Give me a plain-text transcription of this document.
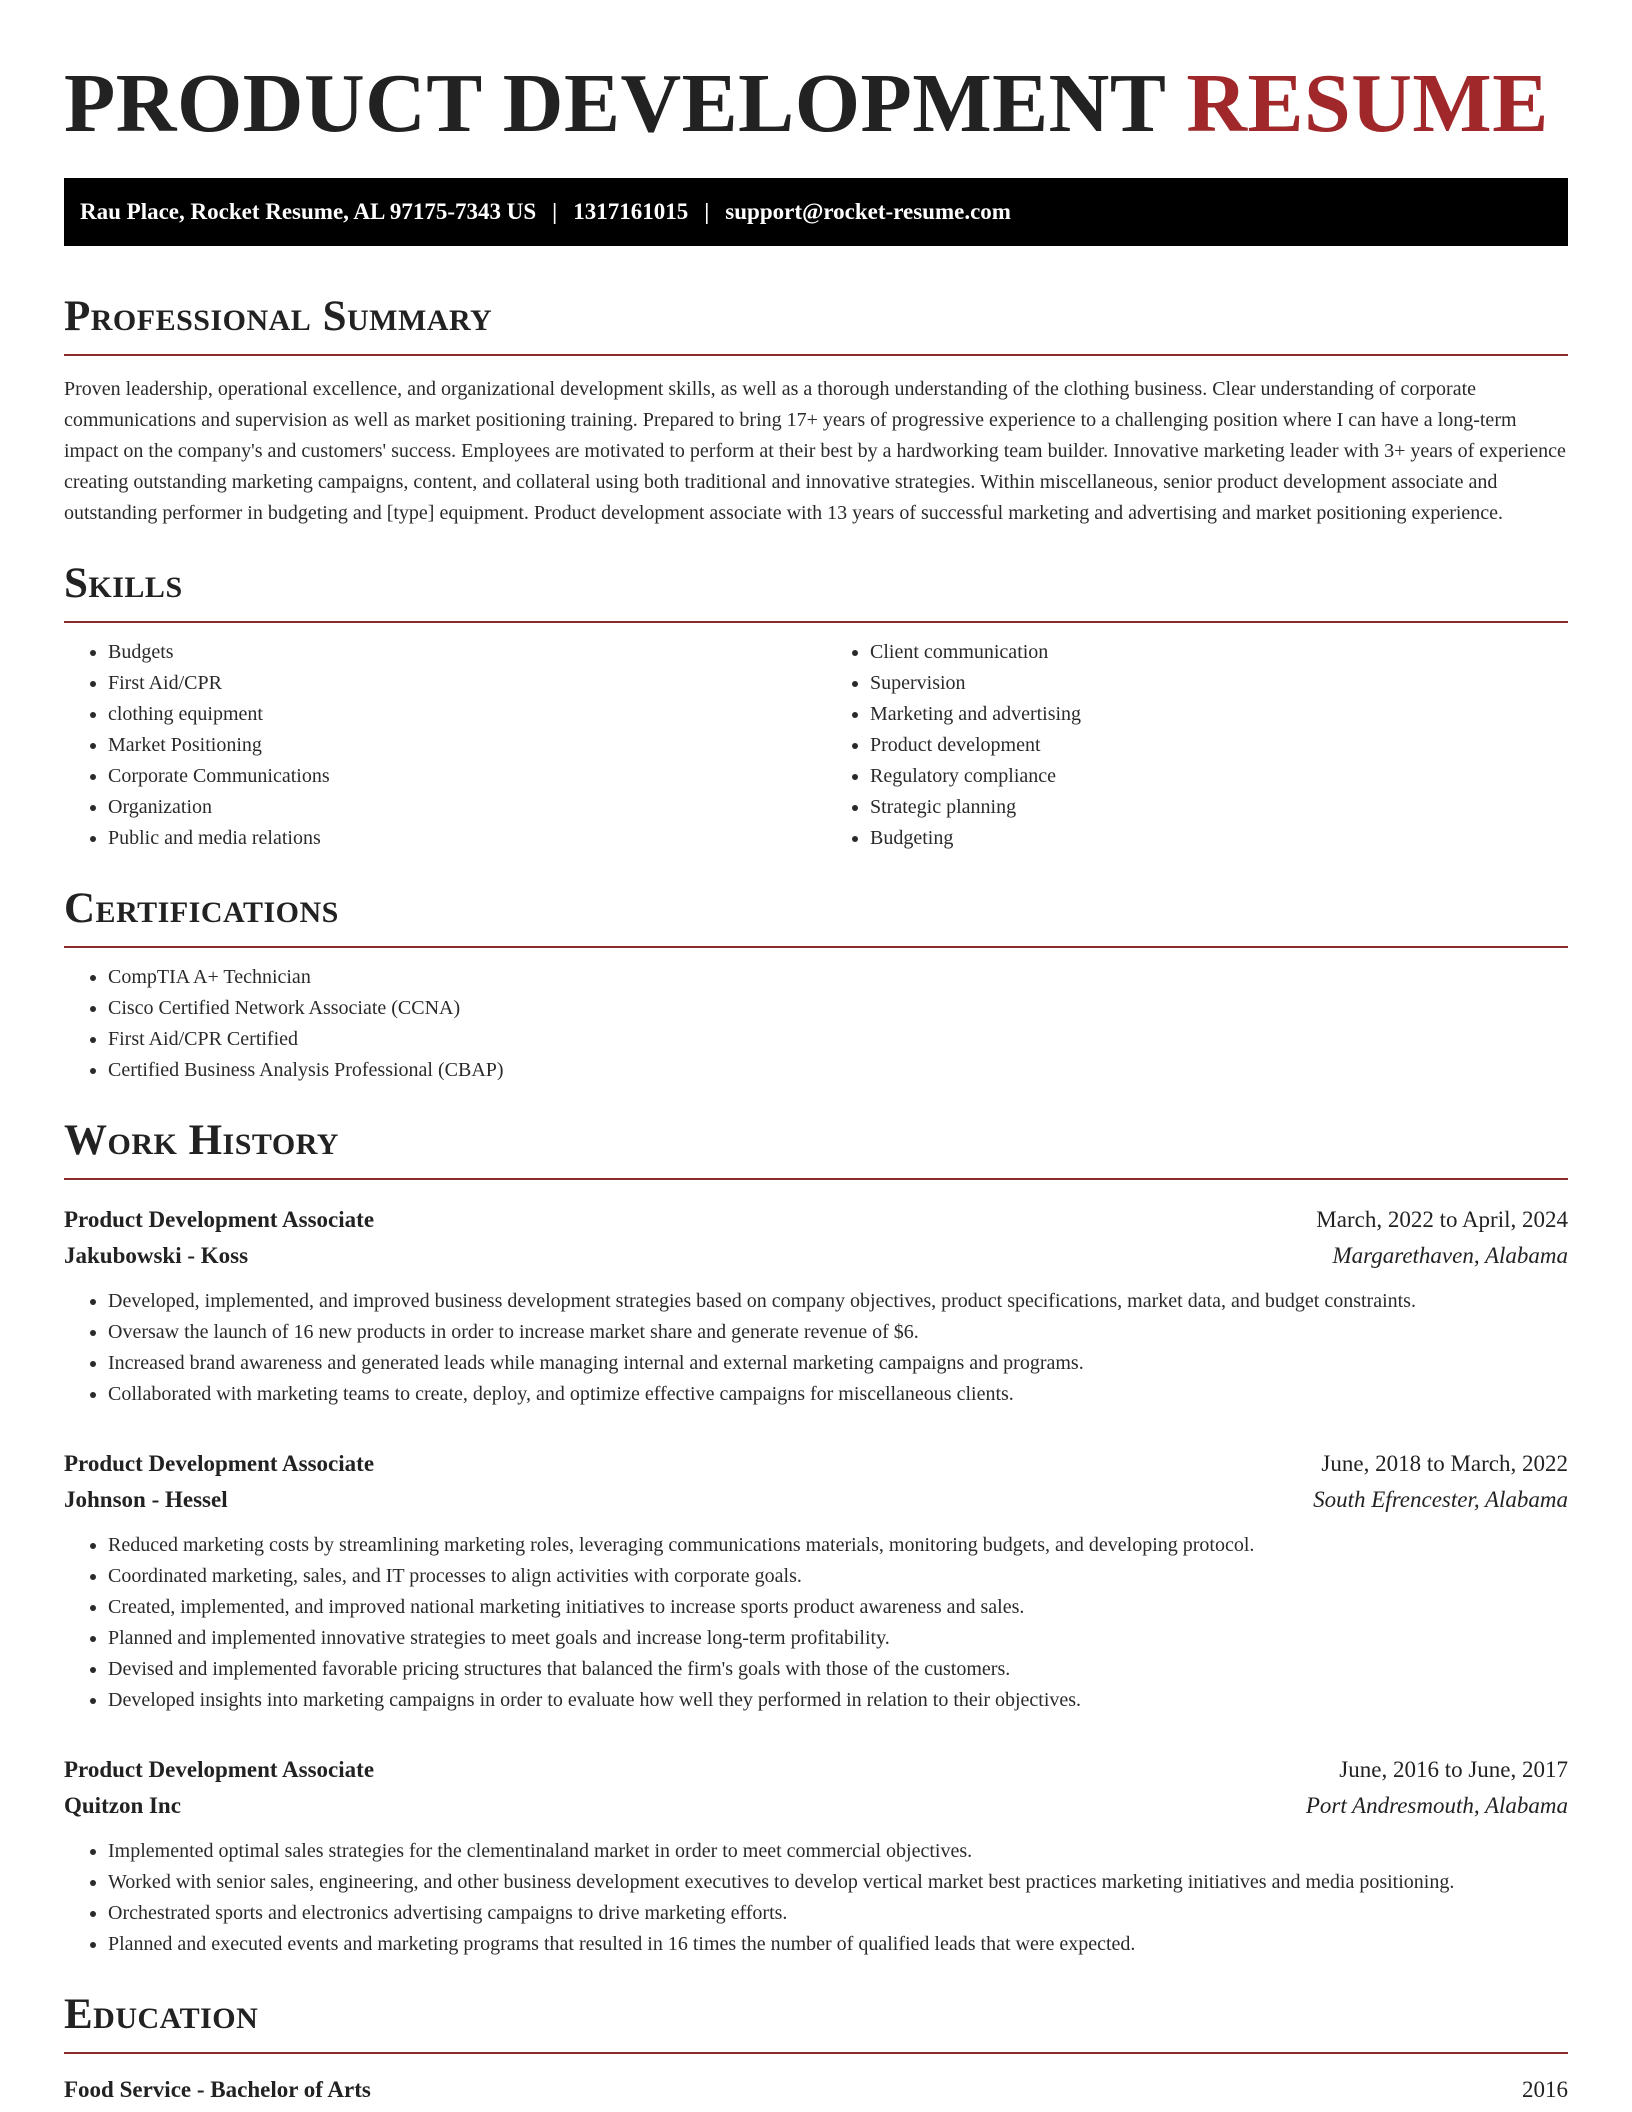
PRODUCT DEVELOPMENT RESUME
Rau Place, Rocket Resume, AL 97175-7343 US | 1317161015 | support@rocket-resume.com
Professional Summary

Proven leadership, operational excellence, and organizational development skills, as well as a thorough understanding of the clothing business. Clear understanding of corporate communications and supervision as well as market positioning training. Prepared to bring 17+ years of progressive experience to a challenging position where I can have a long-term impact on the company's and customers' success. Employees are motivated to perform at their best by a hardworking team builder. Innovative marketing leader with 3+ years of experience creating outstanding marketing campaigns, content, and collateral using both traditional and innovative strategies. Within miscellaneous, senior product development associate and outstanding performer in budgeting and [type] equipment. Product development associate with 13 years of successful marketing and advertising and market positioning experience.

Skills
• Budgets
• First Aid/CPR
• clothing equipment
• Market Positioning
• Corporate Communications
• Organization
• Public and media relations
• Client communication
• Supervision
• Marketing and advertising
• Product development
• Regulatory compliance
• Strategic planning
• Budgeting
Certifications
• CompTIA A+ Technician
• Cisco Certified Network Associate (CCNA)
• First Aid/CPR Certified
• Certified Business Analysis Professional (CBAP)
Work History
Product Development Associate	March, 2022 to April, 2024
Jakubowski - Koss	Margarethaven, Alabama
• Developed, implemented, and improved business development strategies based on company objectives, product specifications, market data, and budget constraints.
• Oversaw the launch of 16 new products in order to increase market share and generate revenue of $6.
• Increased brand awareness and generated leads while managing internal and external marketing campaigns and programs.
• Collaborated with marketing teams to create, deploy, and optimize effective campaigns for miscellaneous clients.
Product Development Associate	June, 2018 to March, 2022
Johnson - Hessel	South Efrencester, Alabama
• Reduced marketing costs by streamlining marketing roles, leveraging communications materials, monitoring budgets, and developing protocol.
• Coordinated marketing, sales, and IT processes to align activities with corporate goals.
• Created, implemented, and improved national marketing initiatives to increase sports product awareness and sales.
• Planned and implemented innovative strategies to meet goals and increase long-term profitability.
• Devised and implemented favorable pricing structures that balanced the firm's goals with those of the customers.
• Developed insights into marketing campaigns in order to evaluate how well they performed in relation to their objectives.
Product Development Associate	June, 2016 to June, 2017
Quitzon Inc	Port Andresmouth, Alabama
• Implemented optimal sales strategies for the clementinaland market in order to meet commercial objectives.
• Worked with senior sales, engineering, and other business development executives to develop vertical market best practices marketing initiatives and media positioning.
• Orchestrated sports and electronics advertising campaigns to drive marketing efforts.
• Planned and executed events and marketing programs that resulted in 16 times the number of qualified leads that were expected.
Education
Food Service - Bachelor of Arts	2016
